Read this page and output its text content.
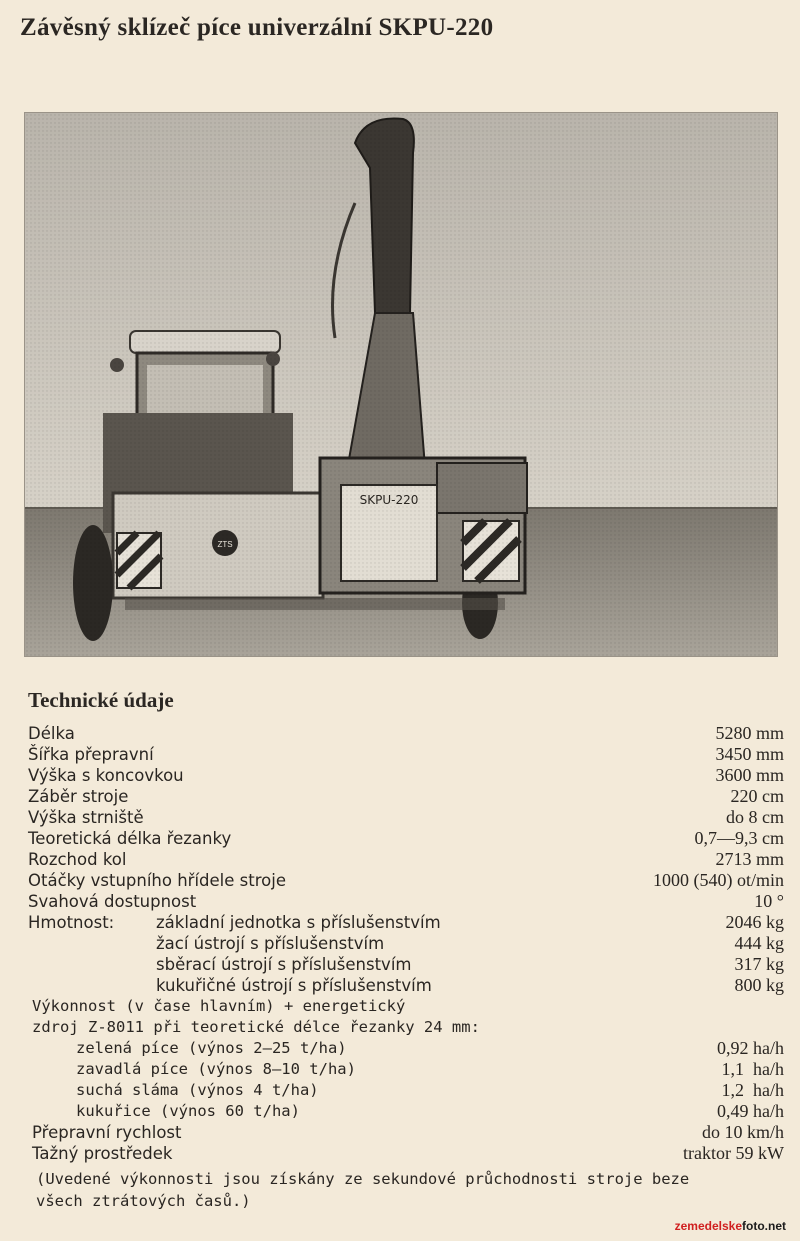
Závěsný sklízeč píce univerzální SKPU-220
Technické údaje
Délka	5280 mm
Šířka přepravní	3450 mm
Výška s koncovkou	3600 mm
Záběr stroje	220 cm
Výška strniště	do 8 cm
Teoretická délka řezanky	0,7—9,3 cm
Rozchod kol	2713 mm
Otáčky vstupního hřídele stroje	1000 (540) ot/min
Svahová dostupnost	10 °
Hmotnost:	základní jednotka s příslušenstvím	2046 kg
žací ústrojí s příslušenstvím	444 kg
sběrací ústrojí s příslušenstvím	317 kg
kukuřičné ústrojí s příslušenstvím	800 kg
Výkonnost (v čase hlavním) + energetický
zdroj Z-8011 při teoretické délce řezanky 24 mm:
zelená píce (výnos 2—25 t/ha)	0,92 ha/h
zavadlá píce (výnos 8—10 t/ha)	1,1  ha/h
suchá sláma (výnos 4 t/ha)	1,2  ha/h
kukuřice (výnos 60 t/ha)	0,49 ha/h
Přepravní rychlost	do 10 km/h
Tažný prostředek	traktor 59 kW
(Uvedené výkonnosti jsou získány ze sekundové průchodnosti stroje beze
všech ztrátových časů.)
zemedelskefoto.net
